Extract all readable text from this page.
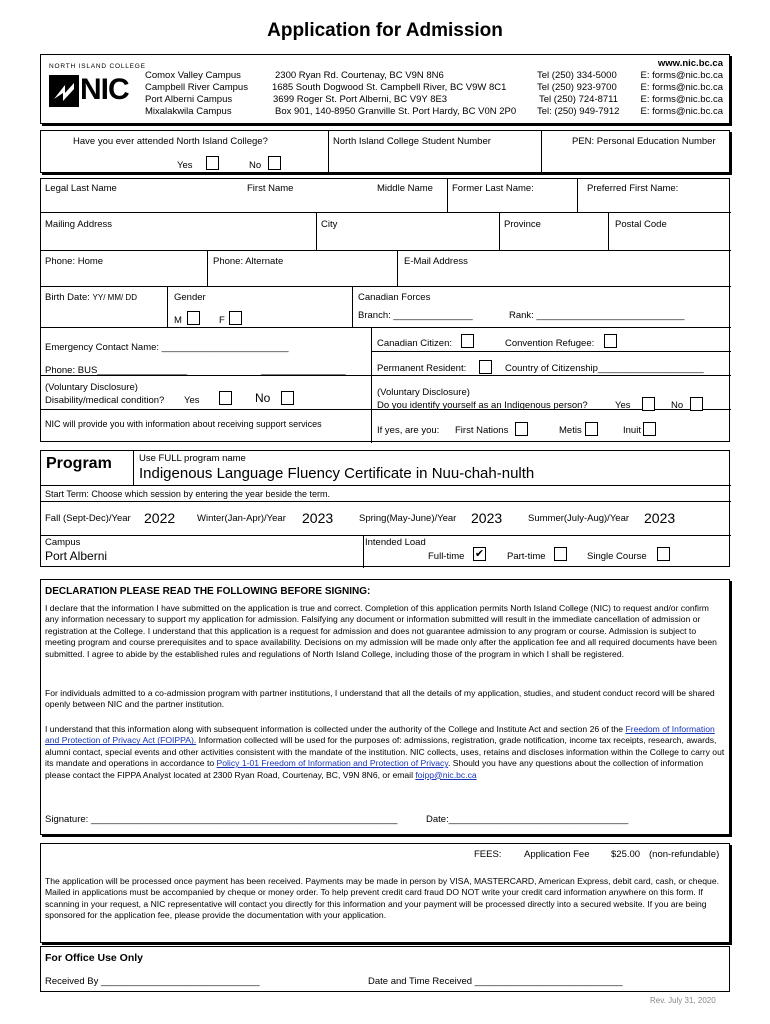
Application for Admission
NORTH ISLAND COLLEGE
NIC
www.nic.bc.ca
Comox Valley Campus	2300 Ryan Rd. Courtenay, BC V9N 8N6	Tel (250) 334-5000	E: forms@nic.bc.ca
Campbell River Campus	1685 South Dogwood St. Campbell River, BC V9W 8C1	Tel (250) 923-9700	E: forms@nic.bc.ca
Port Alberni Campus	3699 Roger St. Port Alberni, BC V9Y 8E3	Tel (250) 724-8711 E: forms@nic.bc.ca
Mixalakwila Campus	Box 901, 140-8950 Granville St. Port Hardy, BC V0N 2P0 Tel: (250) 949-7912 E: forms@nic.bc.ca
Have you ever attended North Island College?
Yes	No
North Island College Student Number	PEN: Personal Education Number
Legal Last Name	First Name	Middle Name Former Last Name:	Preferred First Name:
Mailing Address	City	Province	Postal Code
Phone: Home	Phone: Alternate	E-Mail Address
Birth Date: YY/ MM/ DD	Gender
M	F
Canadian Forces
Branch: _______________	Rank: ____________________________
Emergency Contact Name: ________________________	Canadian Citizen:	Convention Refugee:
Phone: BUS_________________	________________	Permanent Resident:	Country of Citizenship____________________
(Voluntary Disclosure)
Disability/medical condition? Yes	No	(Voluntary Disclosure)
Do you identify yourself as an Indigenous person?	Yes	No
NIC will provide you with information about receiving support services
If yes, are you: First Nations	Metis	Inuit
Program	Use FULL program name
Indigenous Language Fluency Certificate in Nuu-chah-nulth
Start Term: Choose which session by entering the year beside the term.
Fall (Sept-Dec)/Year 2022 Winter(Jan-Apr)/Year 2023	Spring(May-June)/Year 2023	Summer(July-Aug)/Year 2023
Campus
Port Alberni
Intended Load
Full-time ✔ Part-time	Single Course
DECLARATION PLEASE READ THE FOLLOWING BEFORE SIGNING:
I declare that the information I have submitted on the application is true and correct. Completion of this application permits North Island College (NIC) to request and/or confirm any information necessary to support my application for admission. Falsifying any document or information submitted will result in the immediate cancellation of admission or registration at the College. I understand that this application is a request for admission and does not guarantee admission to any program or course. Admission is subject to meeting program and course prerequisites and to space availability. Decisions on my admission will be made only after the application fee and all required documents have been submitted. I agree to abide by the established rules and regulations of North Island College, including those of the program in which I shall be registered.
For individuals admitted to a co-admission program with partner institutions, I understand that all the details of my application, studies, and student conduct record will be shared openly between NIC and the partner institution.
I understand that this information along with subsequent information is collected under the authority of the College and Institute Act and section 26 of the Freedom of Information and Protection of Privacy Act (FOIPPA). Information collected will be used for the purposes of: admissions, registration, grade notification, income tax receipts, research, awards, alumni contact, special events and other activities consistent with the mandate of the institution. NIC collects, uses, retains and discloses information within the College to carry out its mandate and operations in accordance to Policy 1-01 Freedom of Information and Protection of Privacy. Should you have any questions about the collection of information please contact the FIPPA Analyst located at 2300 Ryan Road, Courtenay, BC, V9N 8N6, or email foipp@nic.bc.ca
Signature: __________________________________________________________	Date:__________________________________
FEES: Application Fee $25.00 (non-refundable)
The application will be processed once payment has been received. Payments may be made in person by VISA, MASTERCARD, American Express, debit card, cash, or cheque. Mailed in applications must be accompanied by cheque or money order. To help prevent credit card fraud DO NOT write your credit card information anywhere on this form. If scanning in your request, a NIC representative will contact you directly for this information and your payment will be processed directly into a secured website. If you are being sponsored for the application fee, please provide the documentation with your application.
For Office Use Only
Received By ______________________________	Date and Time Received ____________________________
Rev. July 31, 2020
